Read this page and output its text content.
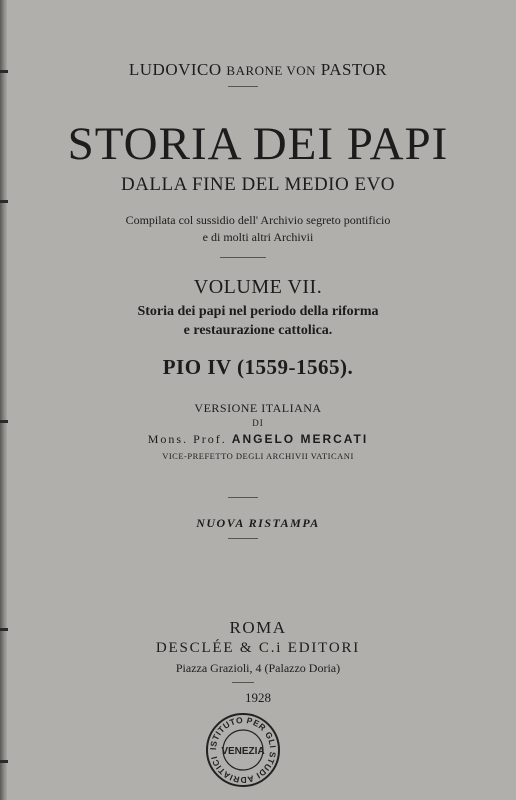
LUDOVICO BARONE VON PASTOR
STORIA DEI PAPI
DALLA FINE DEL MEDIO EVO
Compilata col sussidio dell' Archivio segreto pontificio
e di molti altri Archivii
VOLUME VII.
Storia dei papi nel periodo della riforma
e restaurazione cattolica.
PIO IV (1559-1565).
VERSIONE ITALIANA
DI
Mons. Prof. ANGELO MERCATI
VICE-PREFETTO DEGLI ARCHIVII VATICANI
NUOVA RISTAMPA
ROMA
DESCLÉE & C.i EDITORI
Piazza Grazioli, 4 (Palazzo Doria)
1928
ISTITUTO PER GLI STUDI ADRIATICI
VENEZIA
